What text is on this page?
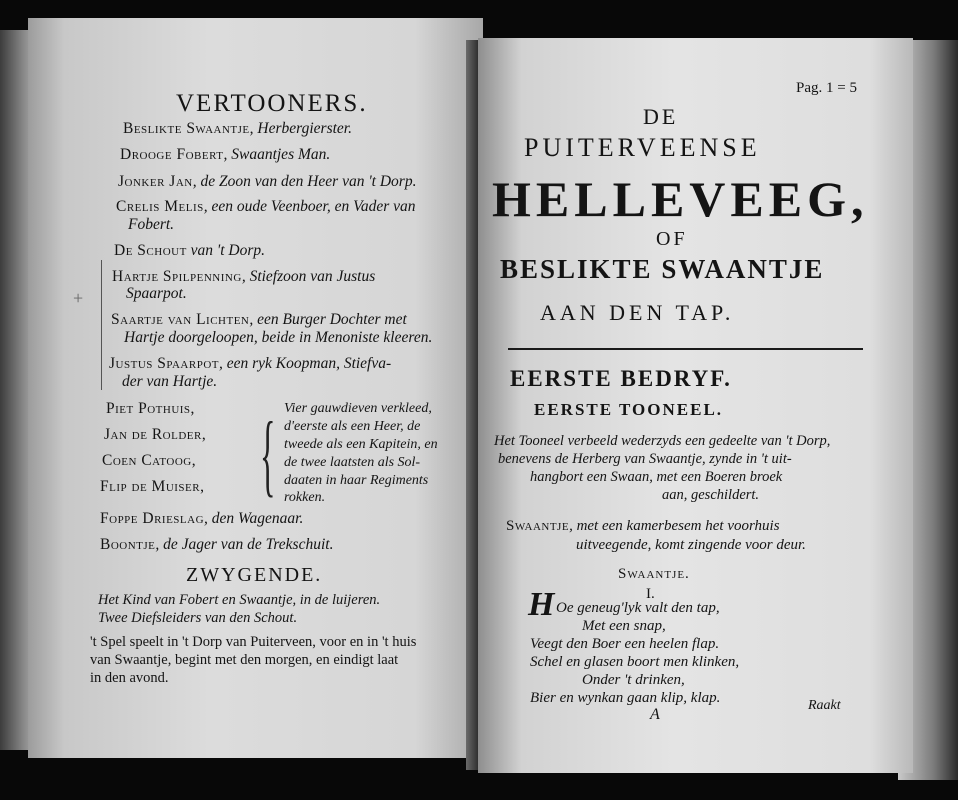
VERTOONERS.
Beslikte Swaantje, Herbergierster.
Drooge Fobert, Swaantjes Man.
Jonker Jan, de Zoon van den Heer van 't Dorp.
Crelis Melis, een oude Veenboer, en Vader van
Fobert.
De Schout van 't Dorp.
+
Hartje Spilpenning, Stiefzoon van Justus
Spaarpot.
Saartje van Lichten, een Burger Dochter met
Hartje doorgeloopen, beide in Menoniste kleeren.
Justus Spaarpot, een ryk Koopman, Stiefva-
der van Hartje.
Piet Pothuis,
Jan de Rolder,
Coen Catoog,
Flip de Muiser, { Vier gauwdieven verkleed,
d'eerste als een Heer, de
tweede als een Kapitein, en
de twee laatsten als Sol-
daaten in haar Regiments
rokken.
Foppe Drieslag, den Wagenaar.
Boontje, de Jager van de Trekschuit.
ZWYGENDE.
Het Kind van Fobert en Swaantje, in de luijeren.
Twee Diefsleiders van den Schout.
't Spel speelt in 't Dorp van Puiterveen, voor en in 't huis
van Swaantje, begint met den morgen, en eindigt laat
in den avond.
Pag. 1 = 5
DE
PUITERVEENSE
HELLEVEEG,
OF
BESLIKTE SWAANTJE
AAN DEN TAP.
EERSTE BEDRYF.
EERSTE TOONEEL.
Het Tooneel verbeeld wederzyds een gedeelte van 't Dorp,
benevens de Herberg van Swaantje, zynde in 't uit-
hangbort een Swaan, met een Boeren broek
aan, geschildert.
Swaantje, met een kamerbesem het voorhuis
uitveegende, komt zingende voor deur.
Swaantje.
I.
H Oe geneug'lyk valt den tap,
Met een snap,
Veegt den Boer een heelen flap.
Schel en glasen boort men klinken,
Onder 't drinken,
Bier en wynkan gaan klip, klap.
A
Raakt
